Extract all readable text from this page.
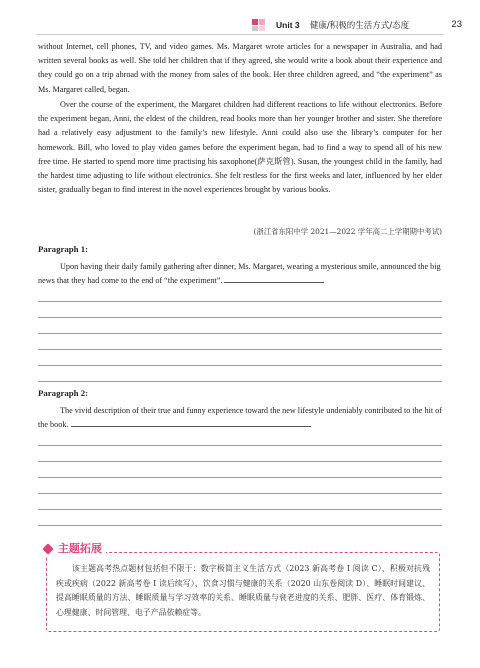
Unit 3 健康/积极的生活方式/态度	23
without Internet, cell phones, TV, and video games. Ms. Margaret wrote articles for a newspaper in Australia, and had written several books as well. She told her children that if they agreed, she would write a book about their experience and they could go on a trip abroad with the money from sales of the book. Her three children agreed, and “the experiment” as Ms. Margaret called, began.
Over the course of the experiment, the Margaret children had different reactions to life without electronics. Before the experiment began, Anni, the eldest of the children, read books more than her younger brother and sister. She therefore had a relatively easy adjustment to the family’s new lifestyle. Anni could also use the library’s computer for her homework. Bill, who loved to play video games before the experiment began, had to find a way to spend all of his new free time. He started to spend more time practising his saxophone(萨克斯管). Susan, the youngest child in the family, had the hardest time adjusting to life without electronics. She felt restless for the first weeks and later, influenced by her elder sister, gradually began to find interest in the novel experiences brought by various books.
(浙江省东阳中学 2021—2022 学年高二上学期期中考试)
Paragraph 1:
Upon having their daily family gathering after dinner, Ms. Margaret, wearing a mysterious smile, announced the big news that they had come to the end of “the experiment”.
Paragraph 2:
The vivid description of their true and funny experience toward the new lifestyle undeniably contributed to the hit of the book.
主题拓展
该主题高考热点题材包括但不限于：数字极简主义生活方式（2023 新高考卷 I 阅读 C）、积极对抗残疾或疾病（2022 新高考卷 I 读后续写）、饮食习惯与健康的关系（2020 山东卷阅读 D）、睡眠时间建议、提高睡眠质量的方法、睡眠质量与学习效率的关系、睡眠质量与衰老进度的关系、肥胖、医疗、体育锻炼、心理健康、时间管理、电子产品依赖症等。
